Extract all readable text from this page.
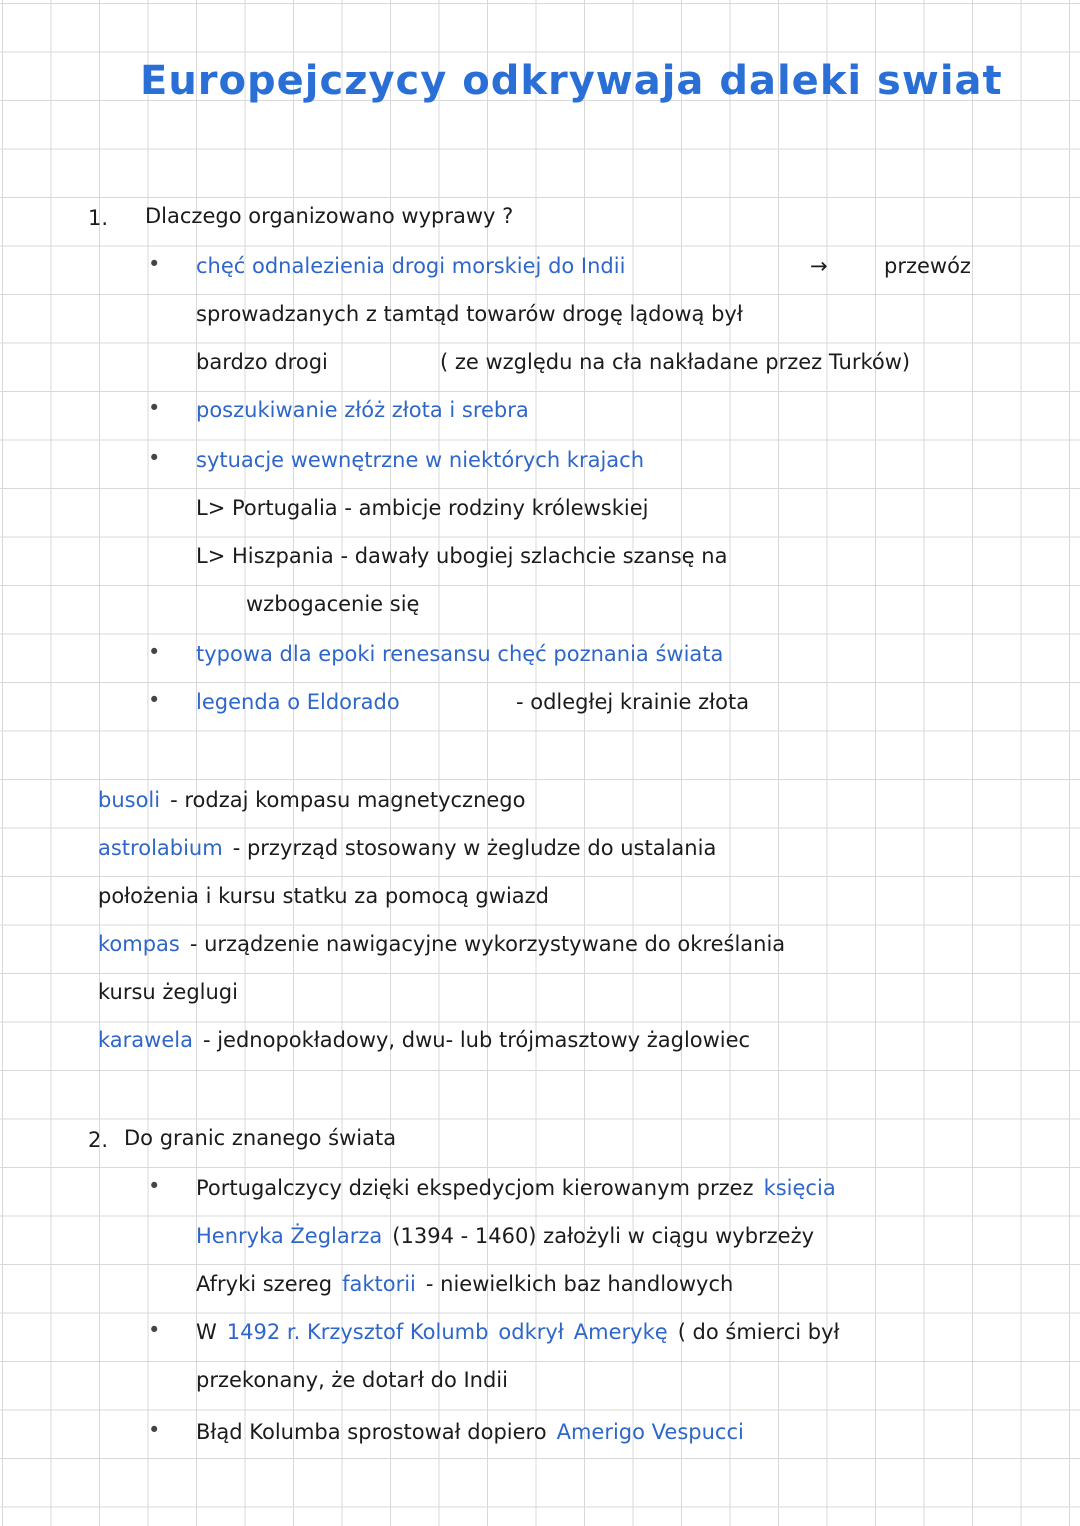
Europejczycy odkrywaja daleki swiat
1. Dlaczego organizowano wyprawy ?
• chęć odnalezienia drogi morskiej do Indii	→	przewóz
sprowadzanych z tamtąd towarów drogę lądową był
bardzo drogi	( ze względu na cła nakładane przez Turków)
• poszukiwanie złóż złota i srebra
• sytuacje wewnętrzne w niektórych krajach
L> Portugalia - ambicje rodziny królewskiej
L> Hiszpania - dawały ubogiej szlachcie szansę na
wzbogacenie się
• typowa dla epoki renesansu chęć poznania świata
• legenda o Eldorado	- odległej krainie złota
busoli - rodzaj kompasu magnetycznego
astrolabium - przyrząd stosowany w żegludze do ustalania
położenia i kursu statku za pomocą gwiazd
kompas - urządzenie nawigacyjne wykorzystywane do określania
kursu żeglugi
karawela - jednopokładowy, dwu- lub trójmasztowy żaglowiec
2. Do granic znanego świata
• Portugalczycy dzięki ekspedycjom kierowanym przez księcia
Henryka Żeglarza (1394 - 1460) założyli w ciągu wybrzeży
Afryki szereg faktorii - niewielkich baz handlowych
• W 1492 r. Krzysztof Kolumb odkrył Amerykę ( do śmierci był
przekonany, że dotarł do Indii
• Błąd Kolumba sprostował dopiero Amerigo Vespucci
